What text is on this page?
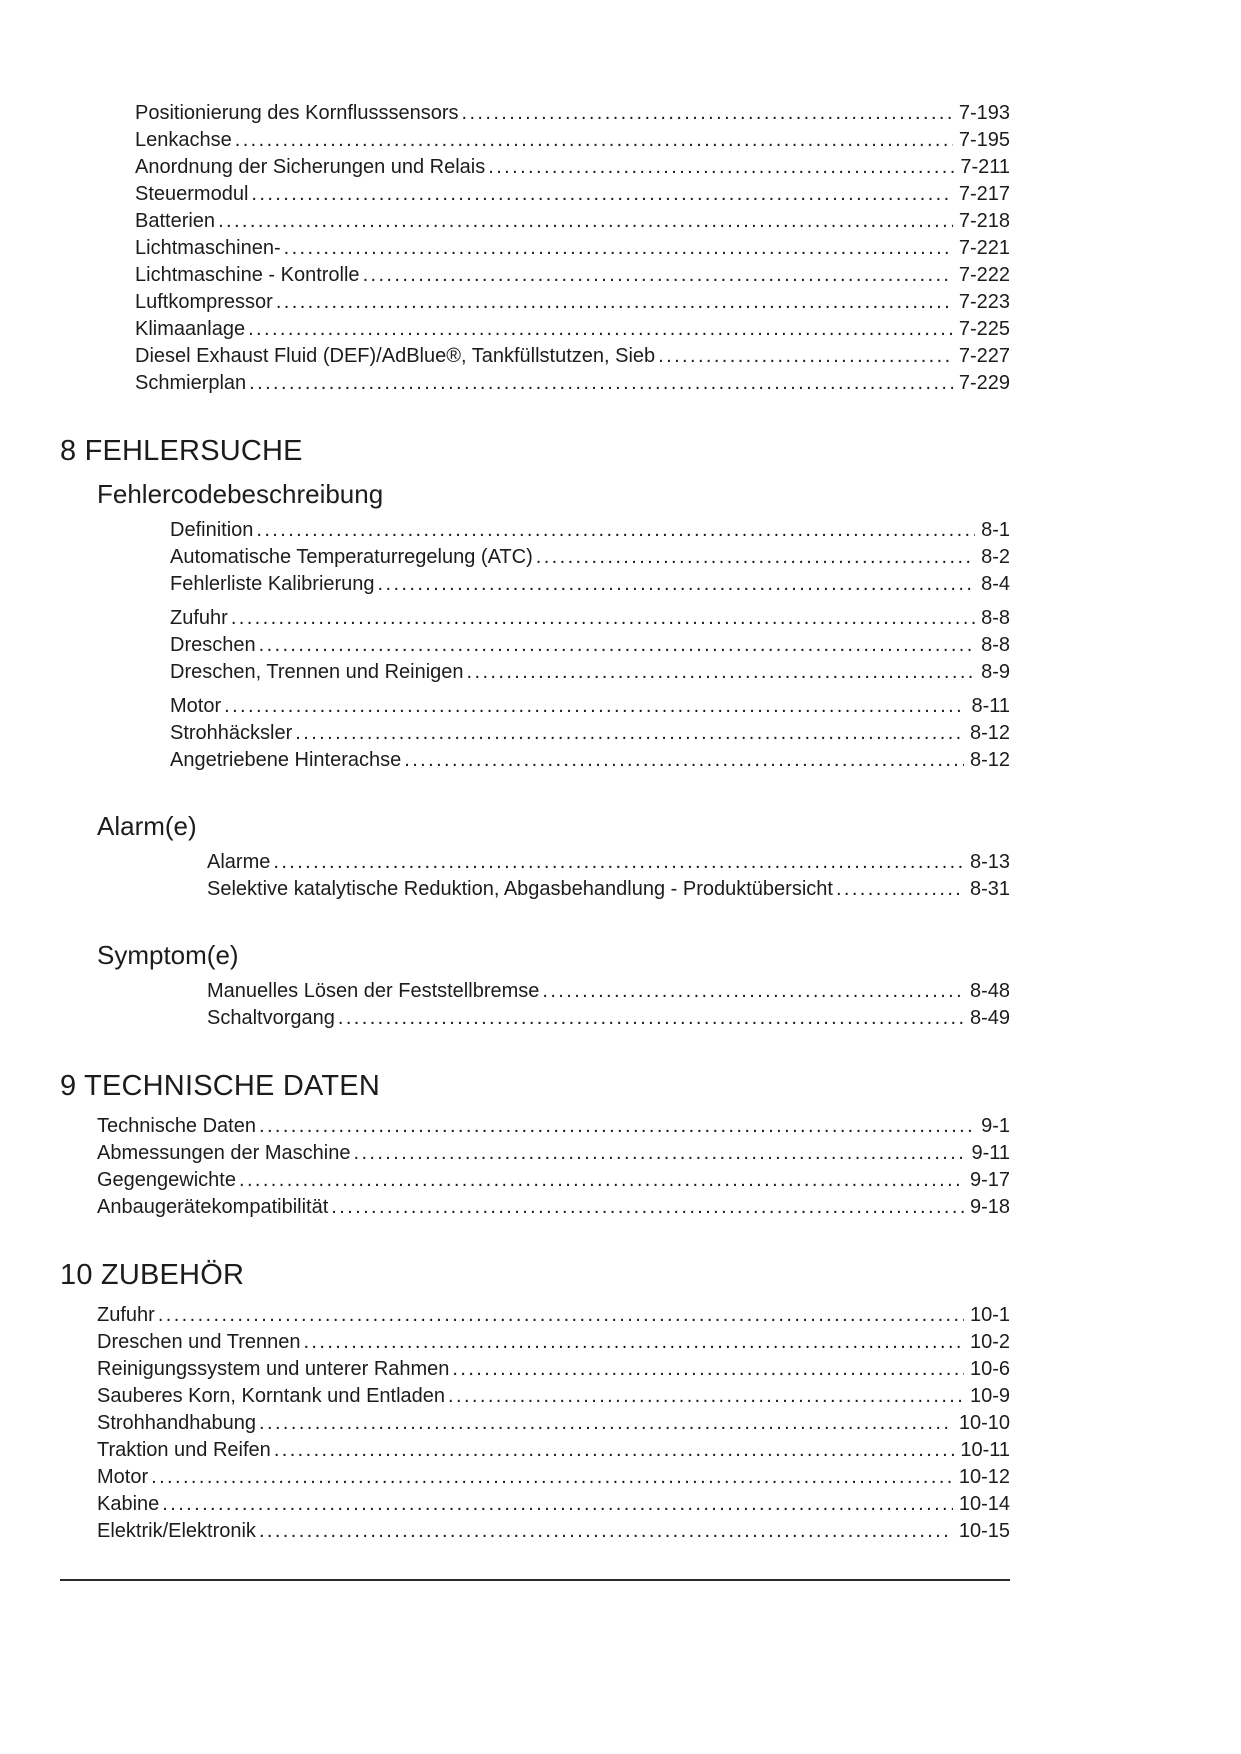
Positionierung des Kornflusssensors .....	7-193
Lenkachse .....	7-195
Anordnung der Sicherungen und Relais .....	7-211
Steuermodul .....	7-217
Batterien .....	7-218
Lichtmaschinen- .....	7-221
Lichtmaschine - Kontrolle .....	7-222
Luftkompressor .....	7-223
Klimaanlage .....	7-225
Diesel Exhaust Fluid (DEF)/AdBlue®, Tankfüllstutzen, Sieb .....	7-227
Schmierplan .....	7-229
8 FEHLERSUCHE
Fehlercodebeschreibung
Definition .....	8-1
Automatische Temperaturregelung (ATC) .....	8-2
Fehlerliste Kalibrierung .....	8-4
Zufuhr .....	8-8
Dreschen .....	8-8
Dreschen, Trennen und Reinigen .....	8-9
Motor .....	8-11
Strohhäcksler .....	8-12
Angetriebene Hinterachse .....	8-12
Alarm(e)
Alarme .....	8-13
Selektive katalytische Reduktion, Abgasbehandlung - Produktübersicht .....	8-31
Symptom(e)
Manuelles Lösen der Feststellbremse .....	8-48
Schaltvorgang .....	8-49
9 TECHNISCHE DATEN
Technische Daten .....	9-1
Abmessungen der Maschine .....	9-11
Gegengewichte .....	9-17
Anbaugerätekompatibilität .....	9-18
10 ZUBEHÖR
Zufuhr .....	10-1
Dreschen und Trennen .....	10-2
Reinigungssystem und unterer Rahmen .....	10-6
Sauberes Korn, Korntank und Entladen .....	10-9
Strohhandhabung .....	10-10
Traktion und Reifen .....	10-11
Motor .....	10-12
Kabine .....	10-14
Elektrik/Elektronik .....	10-15
